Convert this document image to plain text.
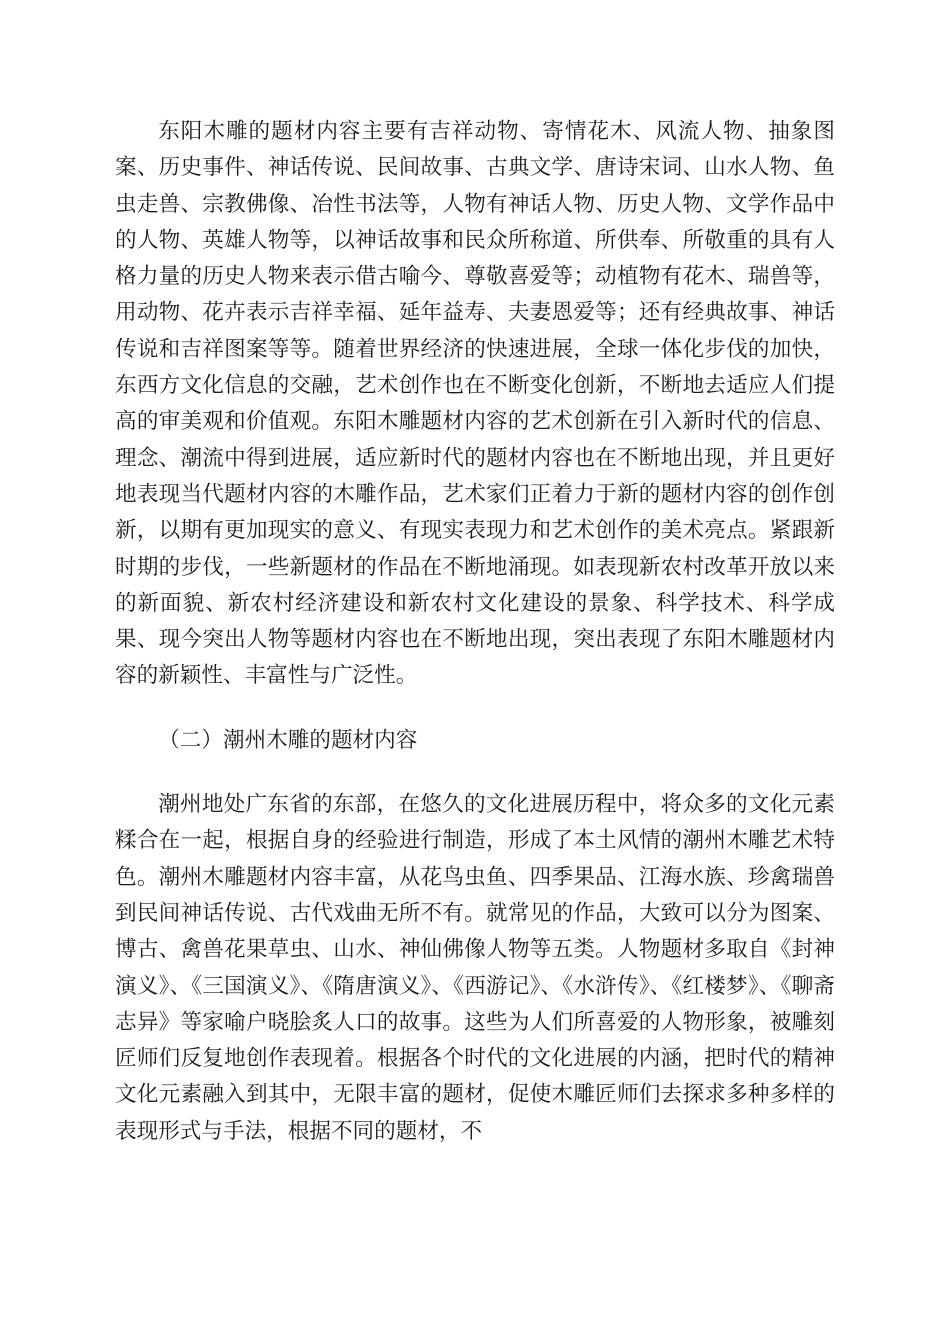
东阳木雕的题材内容主要有吉祥动物、寄情花木、风流人物、抽象图案、历史事件、神话传说、民间故事、古典文学、唐诗宋词、山水人物、鱼虫走兽、宗教佛像、冶性书法等，人物有神话人物、历史人物、文学作品中的人物、英雄人物等，以神话故事和民众所称道、所供奉、所敬重的具有人格力量的历史人物来表示借古喻今、尊敬喜爱等；动植物有花木、瑞兽等，用动物、花卉表示吉祥幸福、延年益寿、夫妻恩爱等；还有经典故事、神话传说和吉祥图案等等。随着世界经济的快速进展，全球一体化步伐的加快，东西方文化信息的交融，艺术创作也在不断变化创新，不断地去适应人们提高的审美观和价值观。东阳木雕题材内容的艺术创新在引入新时代的信息、理念、潮流中得到进展，适应新时代的题材内容也在不断地出现，并且更好地表现当代题材内容的木雕作品，艺术家们正着力于新的题材内容的创作创新，以期有更加现实的意义、有现实表现力和艺术创作的美术亮点。紧跟新时期的步伐，一些新题材的作品在不断地涌现。如表现新农村改革开放以来的新面貌、新农村经济建设和新农村文化建设的景象、科学技术、科学成果、现今突出人物等题材内容也在不断地出现，突出表现了东阳木雕题材内容的新颖性、丰富性与广泛性。

（二）潮州木雕的题材内容

潮州地处广东省的东部，在悠久的文化进展历程中，将众多的文化元素糅合在一起，根据自身的经验进行制造，形成了本土风情的潮州木雕艺术特色。潮州木雕题材内容丰富，从花鸟虫鱼、四季果品、江海水族、珍禽瑞兽到民间神话传说、古代戏曲无所不有。就常见的作品，大致可以分为图案、博古、禽兽花果草虫、山水、神仙佛像人物等五类。人物题材多取自《封神演义》、《三国演义》、《隋唐演义》、《西游记》、《水浒传》、《红楼梦》、《聊斋志异》等家喻户晓脍炙人口的故事。这些为人们所喜爱的人物形象，被雕刻匠师们反复地创作表现着。根据各个时代的文化进展的内涵，把时代的精神文化元素融入到其中，无限丰富的题材，促使木雕匠师们去探求多种多样的表现形式与手法，根据不同的题材，不
